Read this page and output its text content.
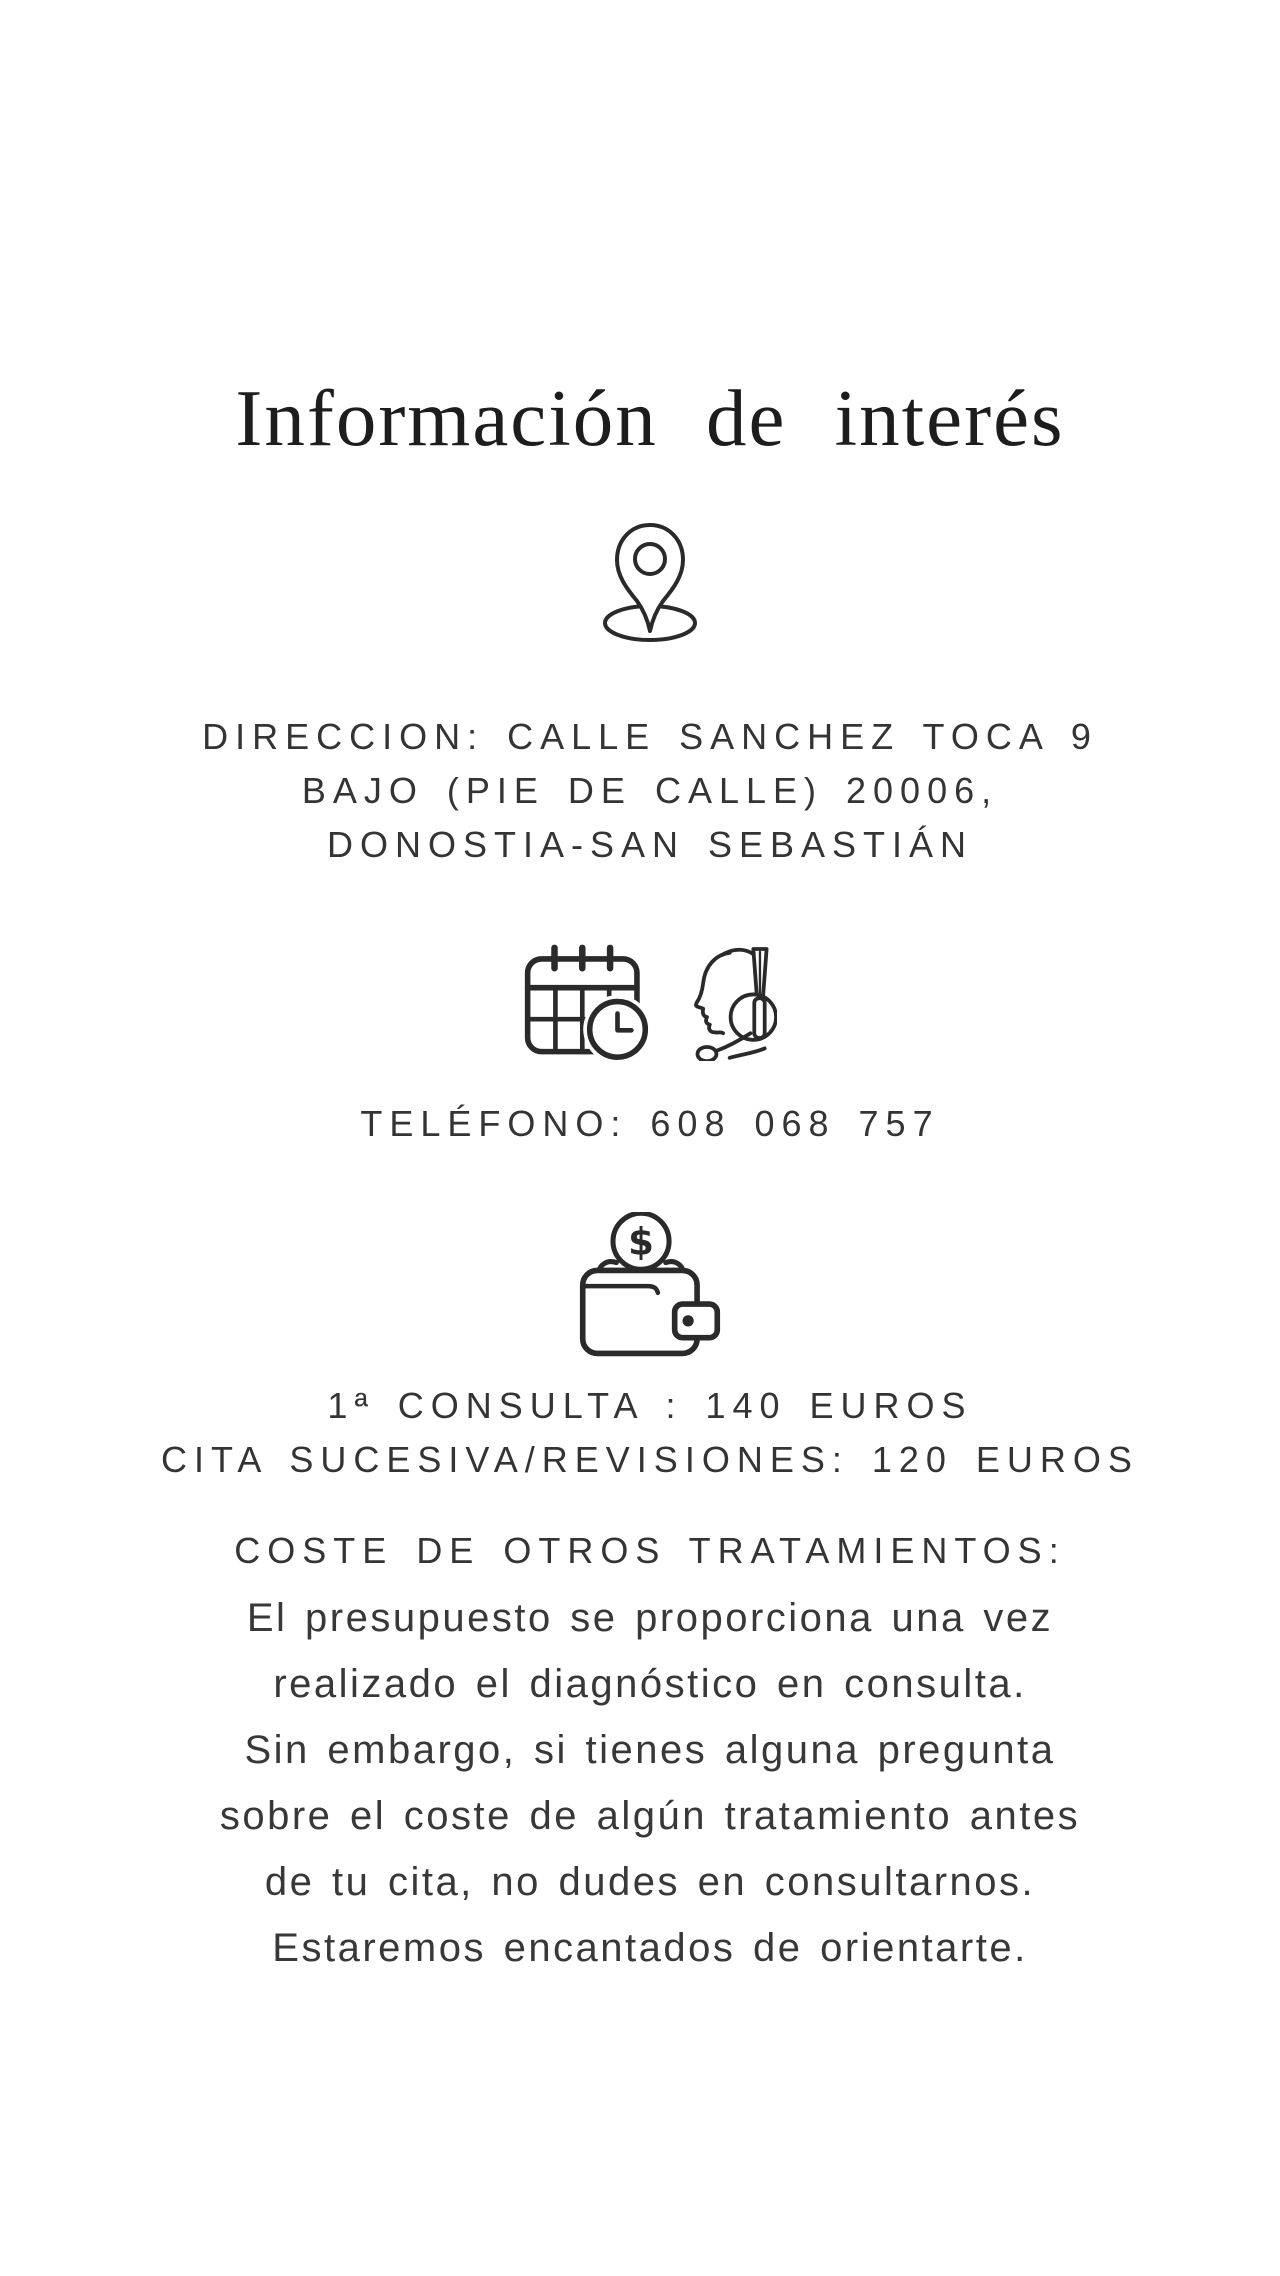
Información de interés
DIRECCION: CALLE SANCHEZ TOCA 9
BAJO (PIE DE CALLE) 20006,
DONOSTIA-SAN SEBASTIÁN
TELÉFONO: 608 068 757
$
1ª CONSULTA : 140 EUROS
CITA SUCESIVA/REVISIONES: 120 EUROS
COSTE DE OTROS TRATAMIENTOS:
El presupuesto se proporciona una vez
realizado el diagnóstico en consulta.
Sin embargo, si tienes alguna pregunta
sobre el coste de algún tratamiento antes
de tu cita, no dudes en consultarnos.
Estaremos encantados de orientarte.
